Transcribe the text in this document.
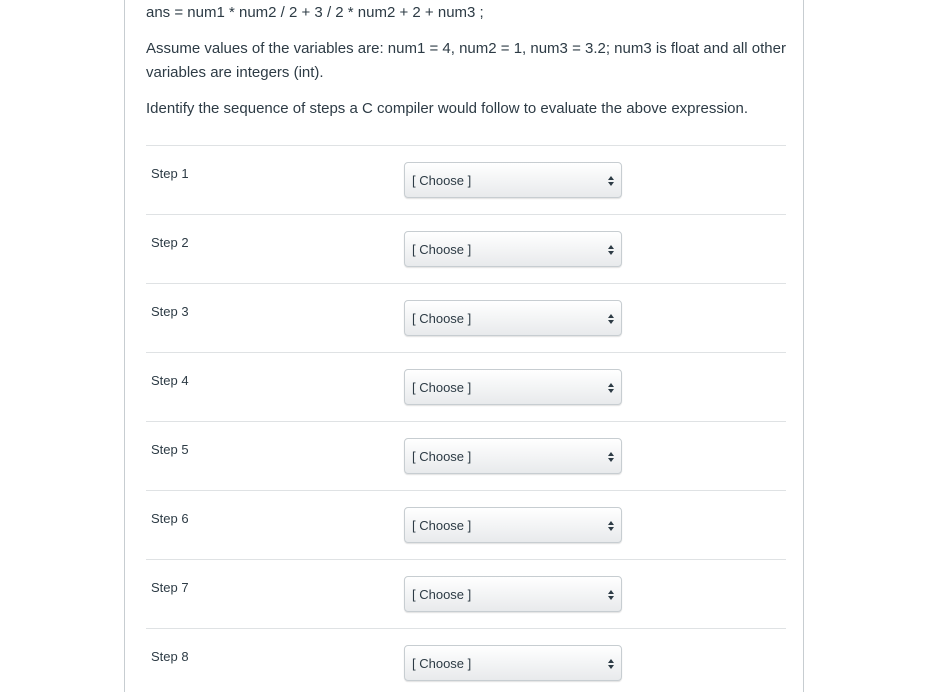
ans = num1 * num2 / 2 + 3 / 2 * num2 + 2 + num3 ;

Assume values of the variables are: num1 = 4, num2 = 1, num3 = 3.2; num3 is float and all other variables are integers (int).

Identify the sequence of steps a C compiler would follow to evaluate the above expression.

Step 1	[ Choose ]
Step 2	[ Choose ]
Step 3	[ Choose ]
Step 4	[ Choose ]
Step 5	[ Choose ]
Step 6	[ Choose ]
Step 7	[ Choose ]
Step 8	[ Choose ]
